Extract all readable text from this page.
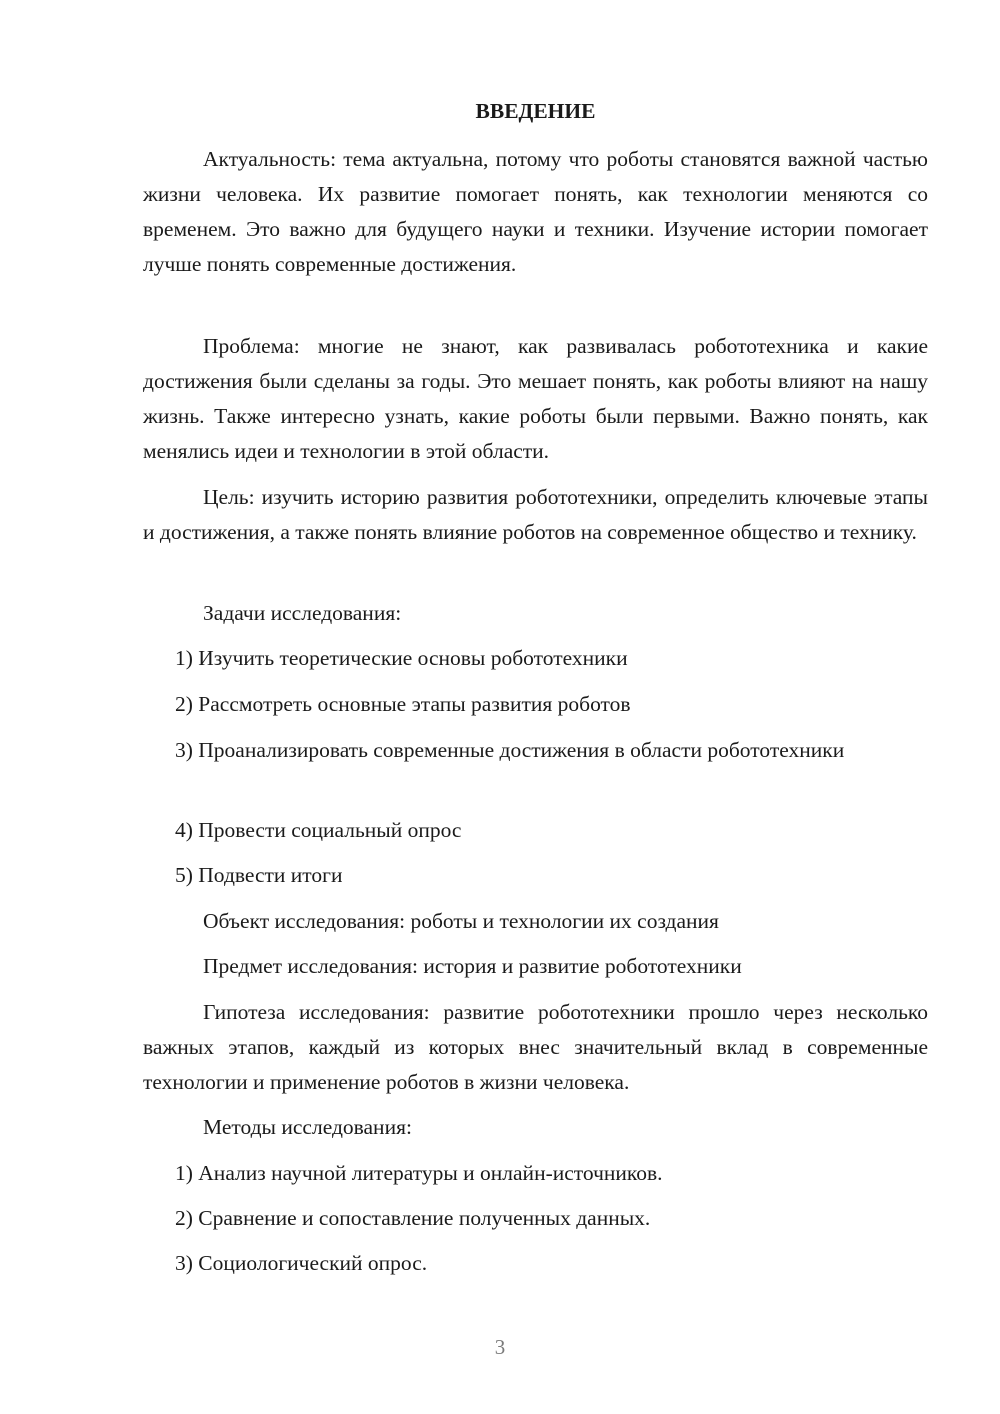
ВВЕДЕНИЕ

Актуальность: тема актуальна, потому что роботы становятся важной частью жизни человека. Их развитие помогает понять, как технологии меняются со временем. Это важно для будущего науки и техники. Изучение истории помогает лучше понять современные достижения.

Проблема: многие не знают, как развивалась робототехника и какие достижения были сделаны за годы. Это мешает понять, как роботы влияют на нашу жизнь. Также интересно узнать, какие роботы были первыми. Важно понять, как менялись идеи и технологии в этой области.

Цель: изучить историю развития робототехники, определить ключевые этапы и достижения, а также понять влияние роботов на современное общество и технику.

Задачи исследования:

1) Изучить теоретические основы робототехники

2) Рассмотреть основные этапы развития роботов

3) Проанализировать современные достижения в области робототехники

4) Провести социальный опрос

5) Подвести итоги

Объект исследования: роботы и технологии их создания

Предмет исследования: история и развитие робототехники

Гипотеза исследования: развитие робототехники прошло через несколько важных этапов, каждый из которых внес значительный вклад в современные технологии и применение роботов в жизни человека.

Методы исследования:

1) Анализ научной литературы и онлайн-источников.

2) Сравнение и сопоставление полученных данных.

3) Социологический опрос.

3
